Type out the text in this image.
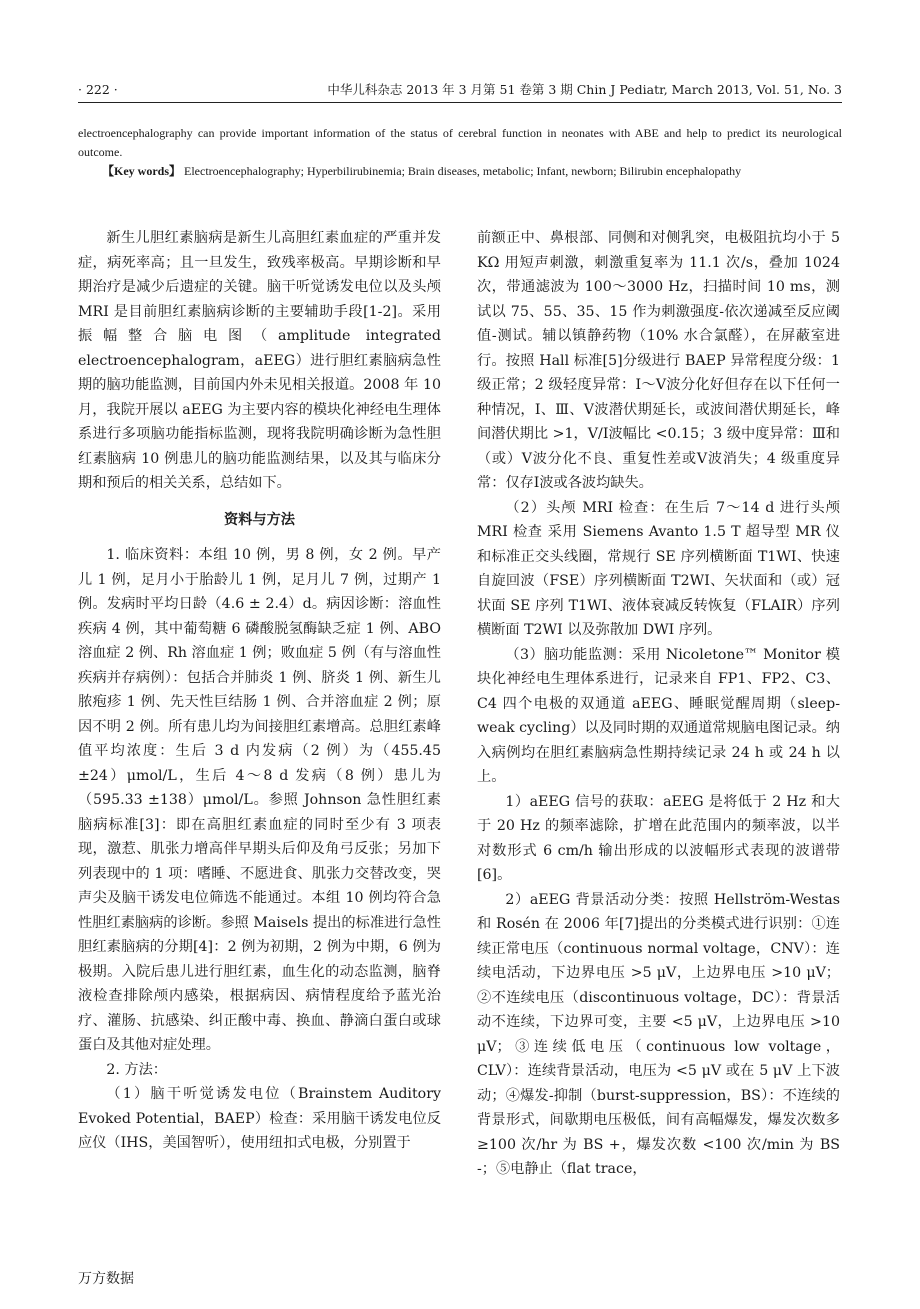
· 222 ·	中华儿科杂志 2013 年 3 月第 51 卷第 3 期 Chin J Pediatr, March 2013, Vol. 51, No. 3

electroencephalography can provide important information of the status of cerebral function in neonates with ABE and help to predict its neurological outcome.

【Key words】 Electroencephalography; Hyperbilirubinemia; Brain diseases, metabolic; Infant, newborn; Bilirubin encephalopathy

新生儿胆红素脑病是新生儿高胆红素血症的严重并发症，病死率高；且一旦发生，致残率极高。早期诊断和早期治疗是减少后遗症的关键。脑干听觉诱发电位以及头颅 MRI 是目前胆红素脑病诊断的主要辅助手段[1-2]。采用振幅整合脑电图（amplitude integrated electroencephalogram，aEEG）进行胆红素脑病急性期的脑功能监测，目前国内外未见相关报道。2008 年 10 月，我院开展以 aEEG 为主要内容的模块化神经电生理体系进行多项脑功能指标监测，现将我院明确诊断为急性胆红素脑病 10 例患儿的脑功能监测结果，以及其与临床分期和预后的相关关系，总结如下。

资料与方法

1. 临床资料：本组 10 例，男 8 例，女 2 例。早产儿 1 例，足月小于胎龄儿 1 例，足月儿 7 例，过期产 1 例。发病时平均日龄（4.6 ± 2.4）d。病因诊断：溶血性疾病 4 例，其中葡萄糖 6 磷酸脱氢酶缺乏症 1 例、ABO 溶血症 2 例、Rh 溶血症 1 例；败血症 5 例（有与溶血性疾病并存病例）：包括合并肺炎 1 例、脐炎 1 例、新生儿脓疱疹 1 例、先天性巨结肠 1 例、合并溶血症 2 例；原因不明 2 例。所有患儿均为间接胆红素增高。总胆红素峰值平均浓度：生后 3 d 内发病（2 例）为（455.45 ±24）μmol/L，生后 4～8 d 发病（8 例）患儿为（595.33 ±138）μmol/L。参照 Johnson 急性胆红素脑病标准[3]：即在高胆红素血症的同时至少有 3 项表现，激惹、肌张力增高伴早期头后仰及角弓反张；另加下列表现中的 1 项：嗜睡、不愿进食、肌张力交替改变，哭声尖及脑干诱发电位筛选不能通过。本组 10 例均符合急性胆红素脑病的诊断。参照 Maisels 提出的标准进行急性胆红素脑病的分期[4]：2 例为初期，2 例为中期，6 例为极期。入院后患儿进行胆红素，血生化的动态监测，脑脊液检查排除颅内感染，根据病因、病情程度给予蓝光治疗、灌肠、抗感染、纠正酸中毒、换血、静滴白蛋白或球蛋白及其他对症处理。

2. 方法：

（1）脑干听觉诱发电位（Brainstem Auditory Evoked Potential，BAEP）检查：采用脑干诱发电位反应仪（IHS，美国智听），使用纽扣式电极，分别置于

前额正中、鼻根部、同侧和对侧乳突，电极阻抗均小于 5 KΩ 用短声刺激，刺激重复率为 11.1 次/s，叠加 1024 次，带通滤波为 100～3000 Hz，扫描时间 10 ms，测试以 75、55、35、15 作为刺激强度-依次递减至反应阈值-测试。辅以镇静药物（10% 水合氯醛），在屏蔽室进行。按照 Hall 标准[5]分级进行 BAEP 异常程度分级：1 级正常；2 级轻度异常：Ⅰ～Ⅴ波分化好但存在以下任何一种情况，Ⅰ、Ⅲ、Ⅴ波潜伏期延长，或波间潜伏期延长，峰间潜伏期比 >1，Ⅴ/Ⅰ波幅比 <0.15；3 级中度异常：Ⅲ和（或）Ⅴ波分化不良、重复性差或Ⅴ波消失；4 级重度异常：仅存Ⅰ波或各波均缺失。

（2）头颅 MRI 检查：在生后 7～14 d 进行头颅 MRI 检查 采用 Siemens Avanto 1.5 T 超导型 MR 仪和标准正交头线圈，常规行 SE 序列横断面 T1WI、快速自旋回波（FSE）序列横断面 T2WI、矢状面和（或）冠状面 SE 序列 T1WI、液体衰减反转恢复（FLAIR）序列横断面 T2WI 以及弥散加 DWI 序列。

（3）脑功能监测：采用 Nicoletone™ Monitor 模块化神经电生理体系进行，记录来自 FP1、FP2、C3、C4 四个电极的双通道 aEEG、睡眠觉醒周期（sleep-weak cycling）以及同时期的双通道常规脑电图记录。纳入病例均在胆红素脑病急性期持续记录 24 h 或 24 h 以上。

1）aEEG 信号的获取：aEEG 是将低于 2 Hz 和大于 20 Hz 的频率滤除，扩增在此范围内的频率波，以半对数形式 6 cm/h 输出形成的以波幅形式表现的波谱带[6]。

2）aEEG 背景活动分类：按照 Hellström-Westas 和 Rosén 在 2006 年[7]提出的分类模式进行识别：①连续正常电压（continuous normal voltage，CNV）：连续电活动，下边界电压 >5 μV，上边界电压 >10 μV；②不连续电压（discontinuous voltage，DC）：背景活动不连续，下边界可变，主要 <5 μV，上边界电压 >10 μV；③连续低电压（continuous low voltage，CLV）：连续背景活动，电压为 <5 μV 或在 5 μV 上下波动；④爆发-抑制（burst-suppression，BS）：不连续的背景形式，间歇期电压极低，间有高幅爆发，爆发次数多≥100 次/hr 为 BS +，爆发次数 <100 次/min 为 BS -；⑤电静止（flat trace，

万方数据
